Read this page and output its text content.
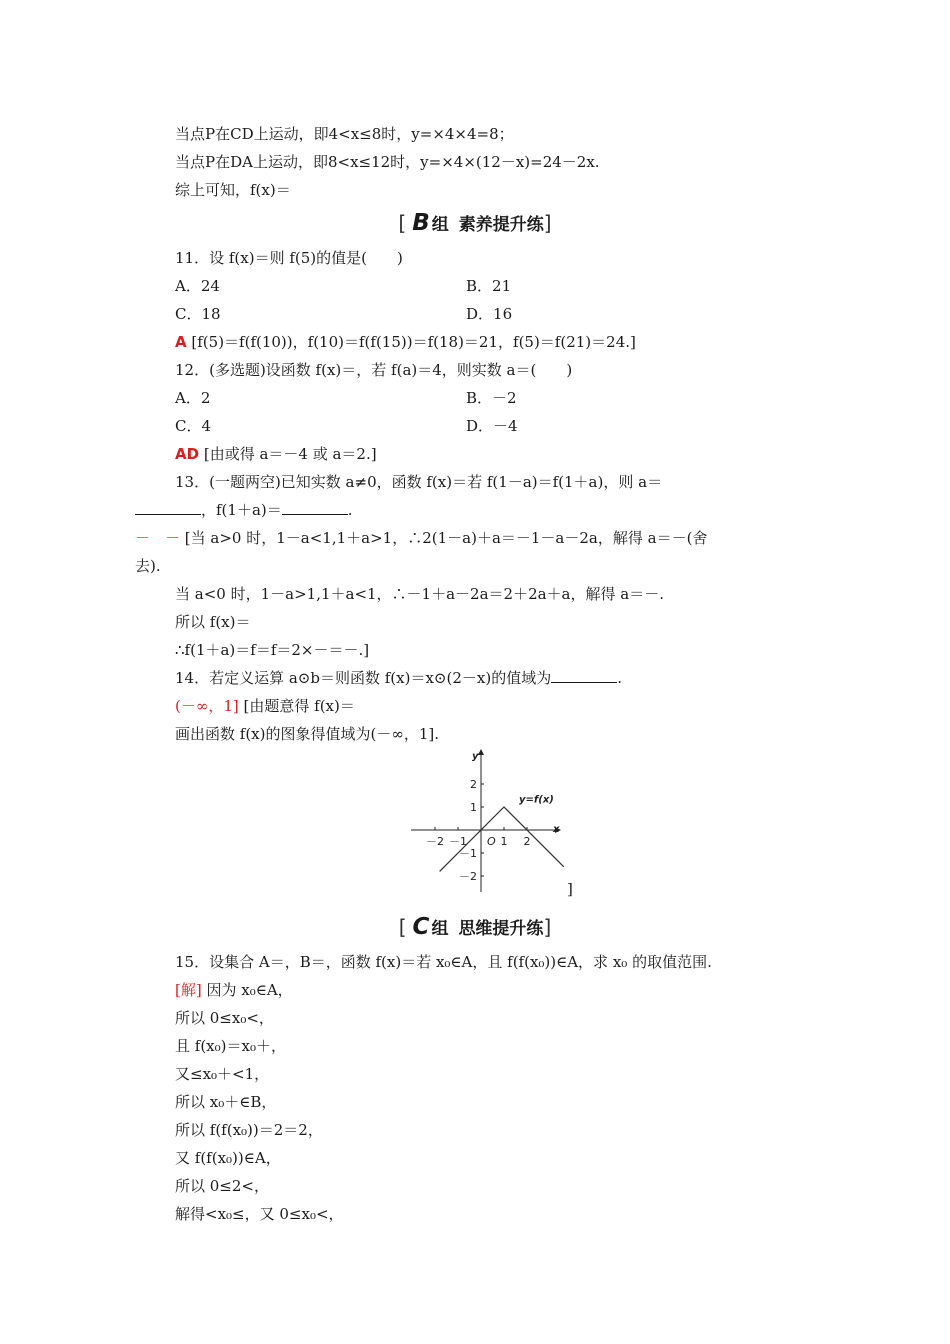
当点P在CD上运动，即4<x≤8时，y=×4×4=8；
当点P在DA上运动，即8<x≤12时，y=×4×(12－x)=24－2x.
综上可知，f(x)＝
[ B 组 素养提升练]
11．设 f(x)＝则 f(5)的值是(　　)
A．24	B．21
C．18	D．16
A [f(5)＝f(f(10))，f(10)＝f(f(15))＝f(18)＝21，f(5)＝f(21)＝24.]
12．(多选题)设函数 f(x)＝，若 f(a)＝4，则实数 a＝(　　)
A．2	B．－2
C．4	D．－4
AD [由或得 a＝－4 或 a＝2.]
13．(一题两空)已知实数 a≠0，函数 f(x)＝若 f(1－a)＝f(1＋a)，则 a＝
，f(1＋a)＝	.
－　－ [当 a>0 时，1－a<1,1＋a>1，∴2(1－a)＋a＝－1－a－2a，解得 a＝－(舍
去).
当 a<0 时，1－a>1,1＋a<1，∴－1＋a－2a＝2＋2a＋a，解得 a＝－.
所以 f(x)＝
∴f(1＋a)＝f＝f＝2×－＝－.]
14．若定义运算 a⊙b＝则函数 f(x)＝x⊙(2－x)的值域为	.
(－∞，1] [由题意得 f(x)＝
画出函数 f(x)的图象得值域为(－∞，1].
－2 －1	1 2
2
1
－1
－2
O
x
y
y=f(x)
]
[ C 组 思维提升练]
15．设集合 A＝，B＝，函数 f(x)＝若 x₀∈A，且 f(f(x₀))∈A，求 x₀ 的取值范围.
[解] 因为 x₀∈A，
所以 0≤x₀<，
且 f(x₀)＝x₀＋，
又≤x₀＋<1，
所以 x₀＋∈B，
所以 f(f(x₀))＝2＝2，
又 f(f(x₀))∈A，
所以 0≤2<，
解得<x₀≤，又 0≤x₀<，
